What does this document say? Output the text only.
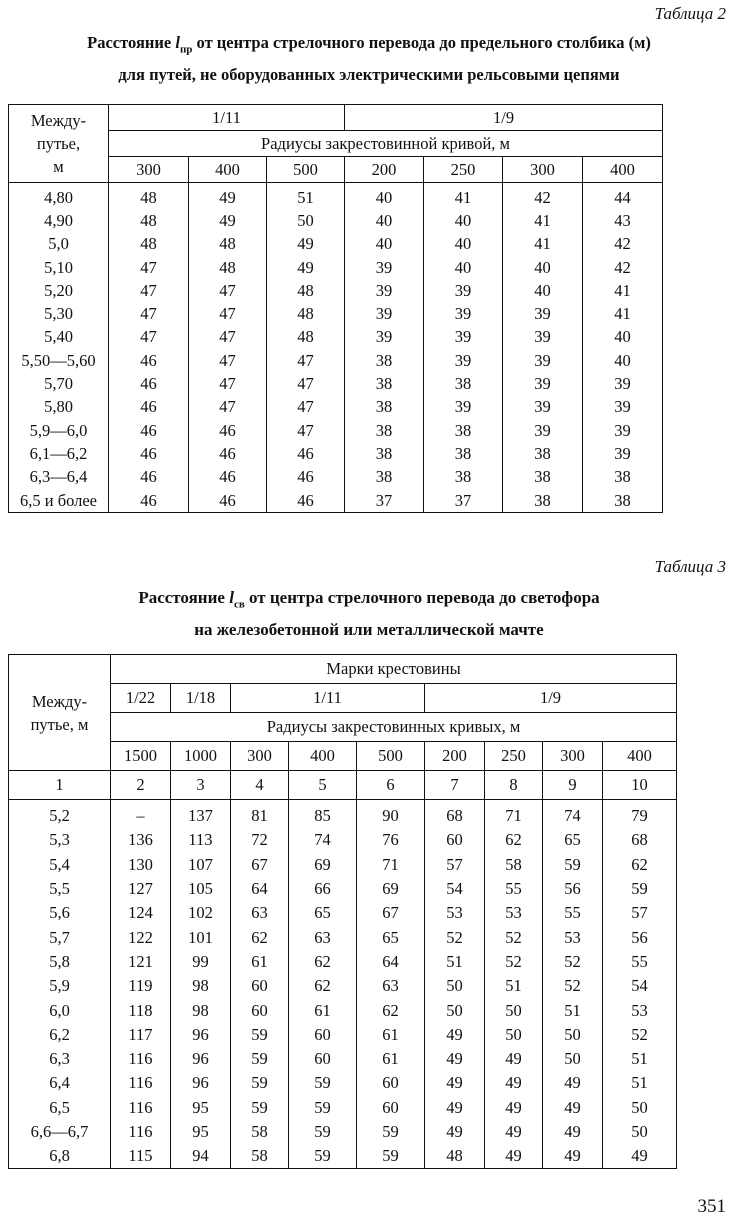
Таблица 2
Расстояние $l_{пр}$ от центра стрелочного перевода до предельного столбика (м)
для путей, не оборудованных электрическими рельсовыми цепями
Между-
путье,
м	1/11			1/9			
	Радиусы закрестовинной кривой, м						
	300	400	500	200	250	300	400
4,80	48	49	51	40	41	42	44
4,90	48	49	50	40	40	41	43
5,0	48	48	49	40	40	41	42
5,10	47	48	49	39	40	40	42
5,20	47	47	48	39	39	40	41
5,30	47	47	48	39	39	39	41
5,40	47	47	48	39	39	39	40
5,50—5,60	46	47	47	38	39	39	40
5,70	46	47	47	38	38	39	39
5,80	46	47	47	38	39	39	39
5,9—6,0	46	46	47	38	38	39	39
6,1—6,2	46	46	46	38	38	38	39
6,3—6,4	46	46	46	38	38	38	38
6,5 и более	46	46	46	37	37	38	38
Таблица 3
Расстояние $l_{св}$ от центра стрелочного перевода до светофора
на железобетонной или металлической мачте
Между-
путье, м	Марки крестовины								
	1/22	1/18	1/11			1/9			
	Радиусы закрестовинных кривых, м								
	1500	1000	300	400	500	200	250	300	400
1	2	3	4	5	6	7	8	9	10
5,2	–	137	81	85	90	68	71	74	79
5,3	136	113	72	74	76	60	62	65	68
5,4	130	107	67	69	71	57	58	59	62
5,5	127	105	64	66	69	54	55	56	59
5,6	124	102	63	65	67	53	53	55	57
5,7	122	101	62	63	65	52	52	53	56
5,8	121	99	61	62	64	51	52	52	55
5,9	119	98	60	62	63	50	51	52	54
6,0	118	98	60	61	62	50	50	51	53
6,2	117	96	59	60	61	49	50	50	52
6,3	116	96	59	60	61	49	49	50	51
6,4	116	96	59	59	60	49	49	49	51
6,5	116	95	59	59	60	49	49	49	50
6,6—6,7	116	95	58	59	59	49	49	49	50
6,8	115	94	58	59	59	48	49	49	49
351
